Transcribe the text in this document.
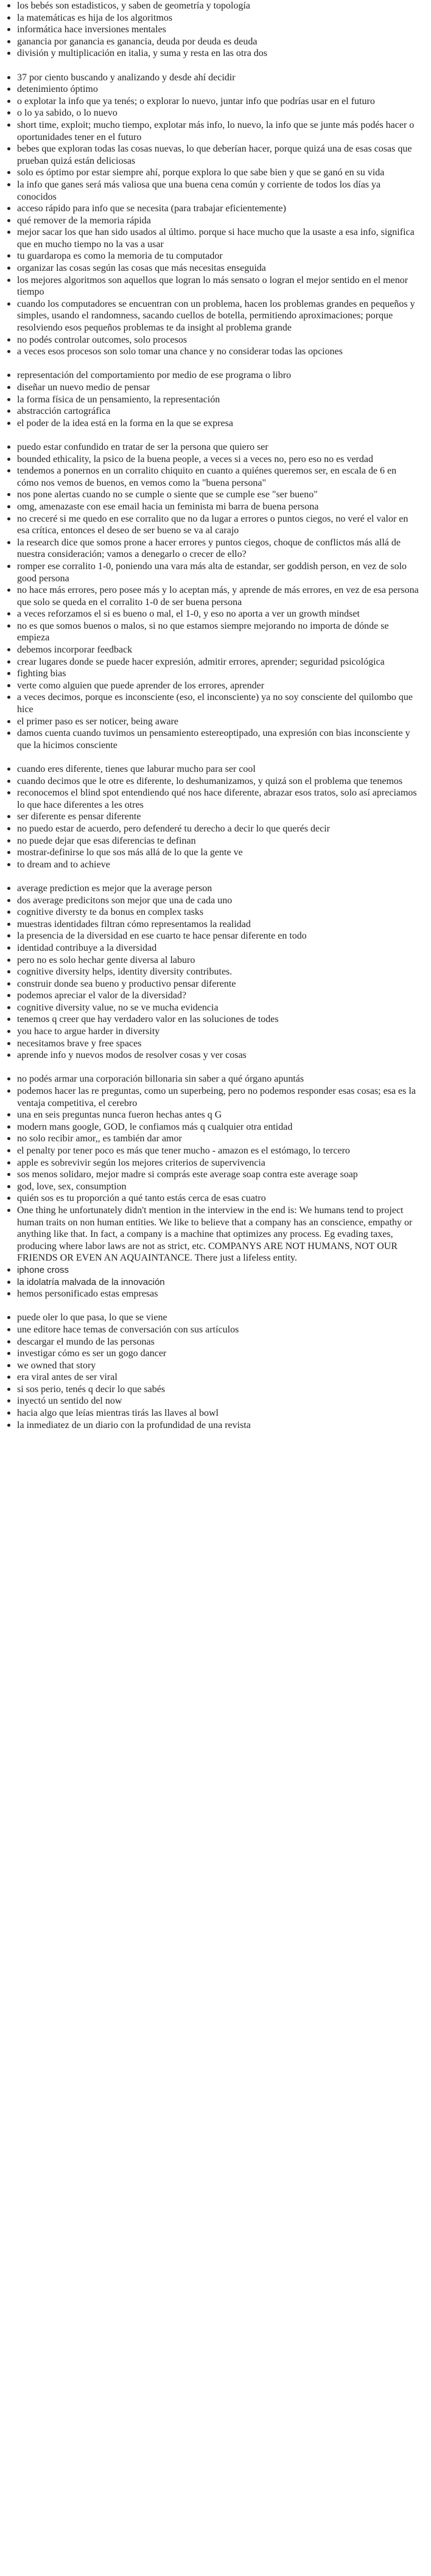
los bebés son estadisticos, y saben de geometría y topología
la matemáticas es hija de los algoritmos
informática hace inversiones mentales
ganancia por ganancia es ganancia, deuda por deuda es deuda
división y multiplicación en italia, y suma y resta en las otra dos
37 por ciento buscando y analizando y desde ahí decidir
detenimiento óptimo
o explotar la info que ya tenés; o explorar lo nuevo, juntar info que podrías usar en el futuro
o lo ya sabido, o lo nuevo
short time, exploit; mucho tiempo, explotar más info, lo nuevo, la info que se junte más podés hacer o oportunidades tener en el futuro
bebes que exploran todas las cosas nuevas, lo que deberían hacer, porque quizá una de esas cosas que prueban quizá están deliciosas
solo es óptimo por estar siempre ahí, porque explora lo que sabe bien y que se ganó en su vida
la info que ganes será más valiosa que una buena cena común y corriente de todos los días ya conocidos
acceso rápido para info que se necesita (para trabajar eficientemente)
qué remover de la memoria rápida
mejor sacar los que han sido usados al último. porque si hace mucho que la usaste a esa info, significa que en mucho tiempo no la vas a usar
tu guardaropa es como la memoria de tu computador
organizar las cosas según las cosas que más necesitas enseguida
los mejores algoritmos son aquellos que logran lo más sensato o logran el mejor sentido en el menor tiempo
cuando los computadores se encuentran con un problema, hacen los problemas grandes en pequeños y simples, usando el randomness, sacando cuellos de botella, permitiendo aproximaciones; porque resolviendo esos pequeños problemas te da insight al problema grande
no podés controlar outcomes, solo procesos
a veces esos procesos son solo tomar una chance y no considerar todas las opciones
representación del comportamiento por medio de ese programa o libro
diseñar un nuevo medio de pensar
la forma física de un pensamiento, la representación
abstracción cartográfica
el poder de la idea está en la forma en la que se expresa
puedo estar confundido en tratar de ser la persona que quiero ser
bounded ethicality, la psico de la buena people, a veces si a veces no, pero eso no es verdad
tendemos a ponernos en un corralito chiquito en cuanto a quiénes queremos ser, en escala de 6 en cómo nos vemos de buenos, en vemos como la "buena persona"
nos pone alertas cuando no se cumple o siente que se cumple ese "ser bueno"
omg, amenazaste con ese email hacia un feminista mi barra de buena persona
no creceré si me quedo en ese corralito que no da lugar a errores o puntos ciegos, no veré el valor en esa crítica, entonces el deseo de ser bueno se va al carajo
la research dice que somos prone a hacer errores y puntos ciegos, choque de conflictos más allá de nuestra consideración; vamos a denegarlo o crecer de ello?
romper ese corralito 1-0, poniendo una vara más alta de estandar, ser goddish person, en vez de solo good persona
no hace más errores, pero posee más y lo aceptan más, y aprende de más errores, en vez de esa persona que solo se queda en el corralito 1-0 de ser buena persona
a veces reforzamos el si es bueno o mal, el 1-0, y eso no aporta a ver un growth mindset
no es que somos buenos o malos, si no que estamos siempre mejorando no importa de dónde se empieza
debemos incorporar feedback
crear lugares donde se puede hacer expresión, admitir errores, aprender; seguridad psicológica
fighting bias
verte como alguien que puede aprender de los errores, aprender
a veces decimos, porque es inconsciente (eso, el inconsciente) ya no soy consciente del quilombo que hice
el primer paso es ser noticer, being aware
damos cuenta cuando tuvimos un pensamiento estereoptipado, una expresión con bias inconsciente y que la hicimos consciente
cuando eres diferente, tienes que laburar mucho para ser cool
cuando decimos que le otre es diferente, lo deshumanizamos, y quizá son el problema que tenemos
reconocemos el blind spot entendiendo qué nos hace diferente, abrazar esos tratos, solo así apreciamos lo que hace diferentes a les otres
ser diferente es pensar diferente
no puedo estar de acuerdo, pero defenderé tu derecho a decir lo que querés decir
no puede dejar que esas diferencias te definan
mostrar-definirse lo que sos más allá de lo que la gente ve
to dream and to achieve
average prediction es mejor que la average person
dos average predicitons son mejor que una de cada uno
cognitive diversty te da bonus en complex tasks
muestras identidades filtran cómo representamos la realidad
la presencia de la diversidad en ese cuarto te hace pensar diferente en todo
identidad contribuye a la diversidad
pero no es solo hechar gente diversa al laburo
cognitive diversity helps, identity diversity contributes.
construir donde sea bueno y productivo pensar diferente
podemos apreciar el valor de la diversidad?
cognitive diversity value, no se ve mucha evidencia
tenemos q creer que hay verdadero valor en las soluciones de todes
you hace to argue harder in diversity
necesitamos brave y free spaces
aprende info y nuevos modos de resolver cosas y ver cosas
no podés armar una corporación billonaria sin saber a qué órgano apuntás
podemos hacer las re preguntas, como un superbeing, pero no podemos responder esas cosas; esa es la ventaja competitiva, el cerebro
una en seis preguntas nunca fueron hechas antes q G
modern mans google, GOD, le confiamos más q cualquier otra entidad
no solo recibir amor,, es también dar amor
el penalty por tener poco es más que tener mucho - amazon es el estómago, lo tercero
apple es sobrevivir según los mejores criterios de supervivencia
sos menos solidaro, mejor madre si comprás este average soap contra este average soap
god, love, sex, consumption
quién sos es tu proporción a qué tanto estás cerca de esas cuatro
One thing he unfortunately didn't mention in the interview in the end is: We humans tend to project human traits on non human entities. We like to believe that a company has an conscience, empathy or anything like that. In fact, a company is a machine that optimizes any process. Eg evading taxes, producing where labor laws are not as strict, etc. COMPANYS ARE NOT HUMANS, NOT OUR FRIENDS OR EVEN AN AQUAINTANCE. There just a lifeless entity.
iphone cross
la idolatría malvada de la innovación
hemos personificado estas empresas
puede oler lo que pasa, lo que se viene
une editore hace temas de conversación con sus artículos
descargar el mundo de las personas
investigar cómo es ser un gogo dancer
we owned that story
era viral antes de ser viral
si sos perio, tenés q decir lo que sabés
inyectó un sentido del now
hacia algo que leías mientras tirás las llaves al bowl
la inmediatez de un diario con la profundidad de una revista
